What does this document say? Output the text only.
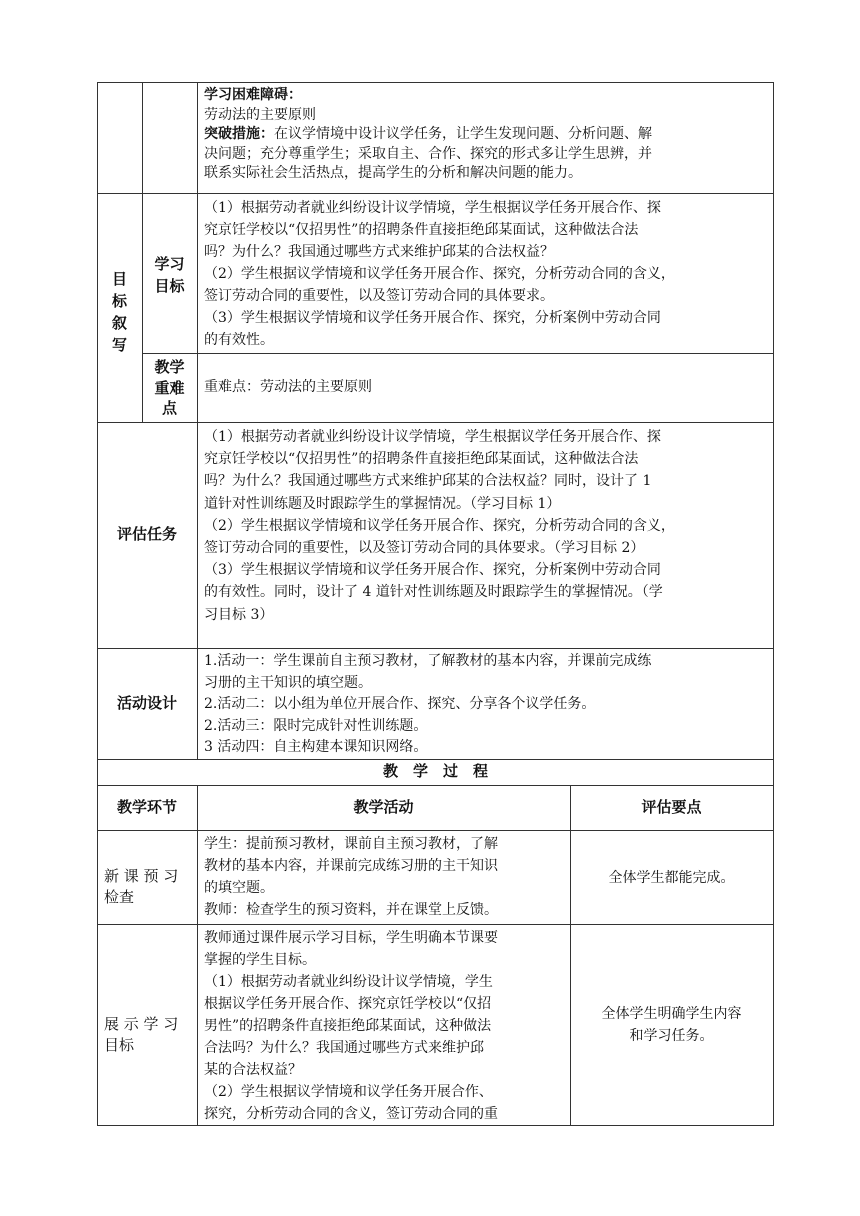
学习困难障碍：
劳动法的主要原则
突破措施：在议学情境中设计议学任务，让学生发现问题、分析问题、解
决问题；充分尊重学生；采取自主、合作、探究的形式多让学生思辨，并
联系实际社会生活热点，提高学生的分析和解决问题的能力。
目
标
叙
写
学习
目标
（1）根据劳动者就业纠纷设计议学情境，学生根据议学任务开展合作、探
究京饪学校以“仅招男性”的招聘条件直接拒绝邱某面试，这种做法合法
吗？为什么？我国通过哪些方式来维护邱某的合法权益？
（2）学生根据议学情境和议学任务开展合作、探究，分析劳动合同的含义，
签订劳动合同的重要性，以及签订劳动合同的具体要求。
（3）学生根据议学情境和议学任务开展合作、探究，分析案例中劳动合同
的有效性。
教学
重难
点
重难点：劳动法的主要原则
评估任务
（1）根据劳动者就业纠纷设计议学情境，学生根据议学任务开展合作、探
究京饪学校以“仅招男性”的招聘条件直接拒绝邱某面试，这种做法合法
吗？为什么？我国通过哪些方式来维护邱某的合法权益？同时，设计了 1
道针对性训练题及时跟踪学生的掌握情况。（学习目标 1）
（2）学生根据议学情境和议学任务开展合作、探究，分析劳动合同的含义，
签订劳动合同的重要性，以及签订劳动合同的具体要求。（学习目标 2）
（3）学生根据议学情境和议学任务开展合作、探究，分析案例中劳动合同
的有效性。同时，设计了 4 道针对性训练题及时跟踪学生的掌握情况。（学
习目标 3）
活动设计
1.活动一：学生课前自主预习教材，了解教材的基本内容，并课前完成练
习册的主干知识的填空题。
2.活动二：以小组为单位开展合作、探究、分享各个议学任务。
2.活动三：限时完成针对性训练题。
3 活动四：自主构建本课知识网络。
教　学　过　程
教学环节	教学活动	评估要点
新 课 预 习
检查
学生：提前预习教材，课前自主预习教材，了解
教材的基本内容，并课前完成练习册的主干知识
的填空题。
教师：检查学生的预习资料，并在课堂上反馈。
全体学生都能完成。
展 示 学 习
目标
教师通过课件展示学习目标，学生明确本节课要
掌握的学生目标。
（1）根据劳动者就业纠纷设计议学情境，学生
根据议学任务开展合作、探究京饪学校以“仅招
男性”的招聘条件直接拒绝邱某面试，这种做法
合法吗？为什么？我国通过哪些方式来维护邱
某的合法权益？
（2）学生根据议学情境和议学任务开展合作、
探究，分析劳动合同的含义，签订劳动合同的重
全体学生明确学生内容
和学习任务。
